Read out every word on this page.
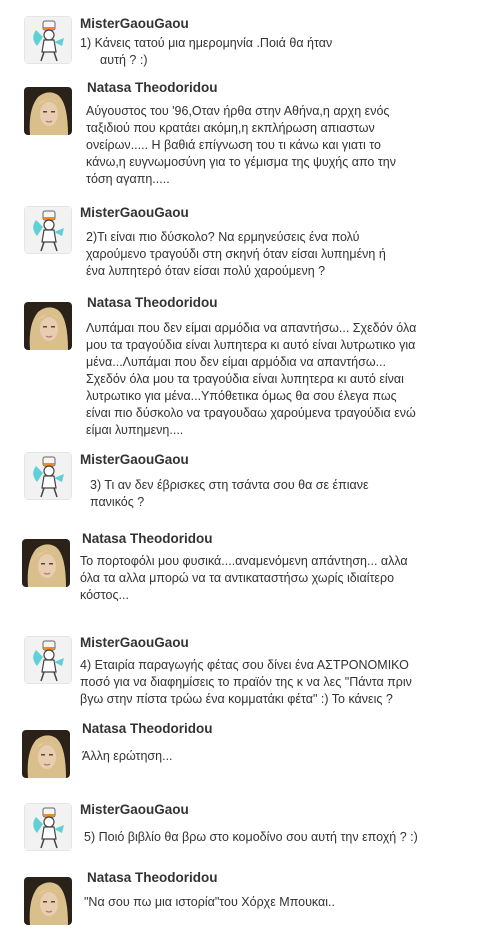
MisterGaouGaou
1) Κάνεις τατού μια ημερομηνία .Ποιά θα ήταν
αυτή ? :)
Natasa Theodoridou
Αύγουστος του '96,Οταν ήρθα στην Αθήνα,η αρχη ενός
ταξιδιού που κρατάει ακόμη,η εκπλήρωση απιαστων
ονείρων..... Η βαθιά επίγνωση του τι κάνω και γιατι το
κάνω,η ευγνωμοσύνη για το γέμισμα της ψυχής απο την
τόση αγαπη.....
MisterGaouGaou
2)Τι είναι πιο δύσκολο? Να ερμηνεύσεις ένα πολύ
χαρούμενο τραγούδι στη σκηνή όταν είσαι λυπημένη ή
ένα λυπητερό όταν είσαι πολύ χαρούμενη ?
Natasa Theodoridou
Λυπάμαι που δεν είμαι αρμόδια να απαντήσω... Σχεδόν όλα
μου τα τραγούδια είναι λυπητερα κι αυτό είναι λυτρωτικο για
μένα...Λυπάμαι που δεν είμαι αρμόδια να απαντήσω...
Σχεδόν όλα μου τα τραγούδια είναι λυπητερα κι αυτό είναι
λυτρωτικο για μένα...Υπόθετικα όμως θα σου έλεγα πως
είναι πιο δύσκολο να τραγουδαω χαρούμενα τραγούδια ενώ
είμαι λυπημενη....
MisterGaouGaou
3) Τι αν δεν έβρισκες στη τσάντα σου θα σε έπιανε
πανικός ?
Natasa Theodoridou
Το πορτοφόλι μου φυσικά....αναμενόμενη απάντηση... αλλα
όλα τα αλλα μπορώ να τα αντικαταστήσω χωρίς ιδιαίτερο
κόστος...
MisterGaouGaou
4) Εταιρία παραγωγής φέτας σου δίνει ένα ΑΣΤΡΟΝΟΜΙΚΟ
ποσό για να διαφημίσεις το πραϊόν της κ να λες "Πάντα πριν
βγω στην πίστα τρώω ένα κομματάκι φέτα" :) Το κάνεις ?
Natasa Theodoridou
Άλλη ερώτηση...
MisterGaouGaou
5) Ποιό βιβλίο θα βρω στο κομοδίνο σου αυτή την εποχή ? :)
Natasa Theodoridou
"Να σου πω μια ιστορία"του Χόρχε Μπουκαι..
